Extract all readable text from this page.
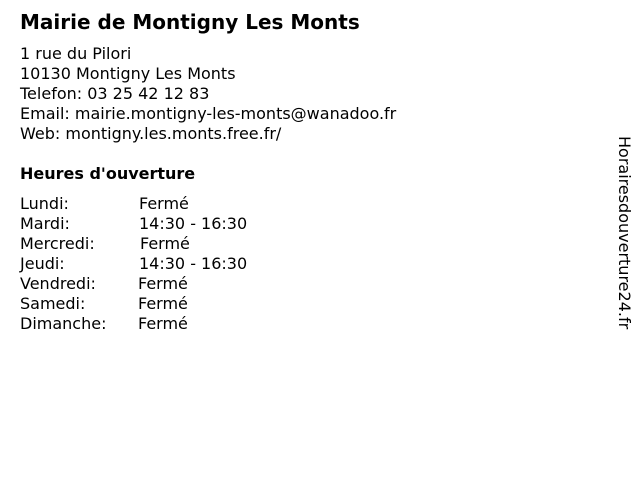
Mairie de Montigny Les Monts
1 rue du Pilori
10130 Montigny Les Monts
Telefon: 03 25 42 12 83
Email: mairie.montigny-les-monts@wanadoo.fr
Web: montigny.les.monts.free.fr/
Heures d'ouverture
Lundi:	Fermé
Mardi:	14:30 - 16:30
Mercredi:	Fermé
Jeudi:	14:30 - 16:30
Vendredi:	Fermé
Samedi:	Fermé
Dimanche: Fermé	Horairesdouverture24.fr
